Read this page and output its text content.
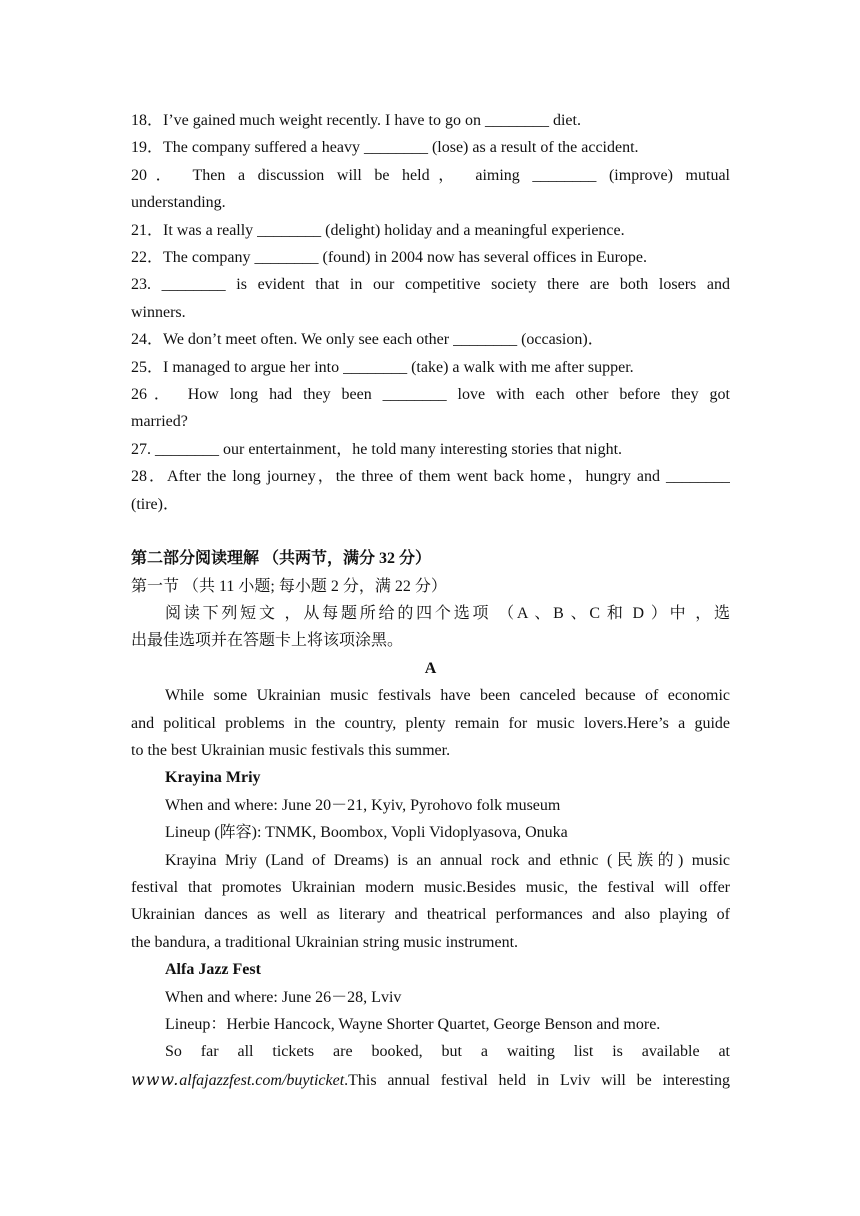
18．I’ve gained much weight recently. I have to go on ________ diet.
19．The company suffered a heavy ________ (lose) as a result of the accident.
20． Then a discussion will be held， aiming ________ (improve) mutual
understanding.
21．It was a really ________ (delight) holiday and a meaningful experience.
22．The company ________ (found) in 2004 now has several offices in Europe.
23. ________ is evident that in our competitive society there are both losers and
winners.
24．We don’t meet often. We only see each other ________ (occasion)．
25．I managed to argue her into ________ (take) a walk with me after supper.
26． How long had they been ________ love with each other before they got
married?
27. ________ our entertainment，he told many interesting stories that night.
28．After the long journey，the three of them went back home，hungry and ________
(tire)．
第二部分阅读理解 （共两节，满分 32 分）
第一节 （共 11 小题; 每小题 2 分，满 22 分）
阅读下列短文 ，从每题所给的四个选项 （A 、B 、C 和 D ）中 ，选
出最佳选项并在答题卡上将该项涂黑。
A
While some Ukrainian music festivals have been canceled because of economic
and political problems in the country, plenty remain for music lovers.Here’s a guide
to the best Ukrainian music festivals this summer.
Krayina Mriy
When and where: June 20－21, Kyiv, Pyrohovo folk museum
Lineup (阵容): TNMK, Boombox, Vopli Vidoplyasova, Onuka
Krayina Mriy (Land of Dreams) is an annual rock and ethnic (民族的) music
festival that promotes Ukrainian modern music.Besides music, the festival will offer
Ukrainian dances as well as literary and theatrical performances and also playing of
the bandura, a traditional Ukrainian string music instrument.
Alfa Jazz Fest
When and where: June 26－28, Lviv
Lineup：Herbie Hancock, Wayne Shorter Quartet, George Benson and more.
So far all tickets are booked, but a waiting list is available at
www.alfajazzfest.com/buyticket.This annual festival held in Lviv will be interesting
